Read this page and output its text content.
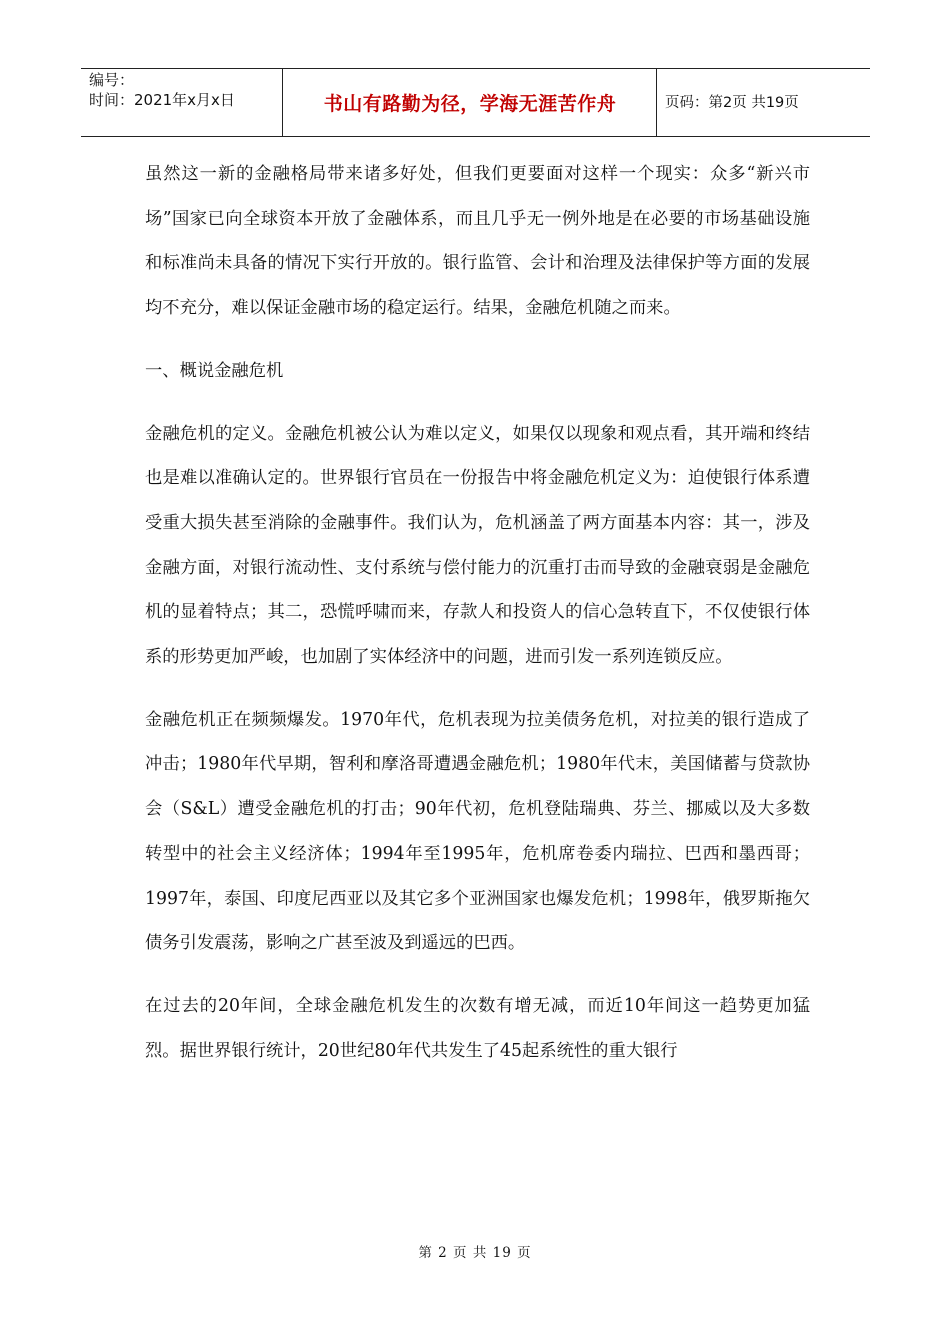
编号：
时间：2021年x月x日	书山有路勤为径，学海无涯苦作舟	页码：第2页 共19页

虽然这一新的金融格局带来诸多好处，但我们更要面对这样一个现实：众多“新兴市场”国家已向全球资本开放了金融体系，而且几乎无一例外地是在必要的市场基础设施和标准尚未具备的情况下实行开放的。银行监管、会计和治理及法律保护等方面的发展均不充分，难以保证金融市场的稳定运行。结果，金融危机随之而来。

一、概说金融危机

金融危机的定义。金融危机被公认为难以定义，如果仅以现象和观点看，其开端和终结也是难以准确认定的。世界银行官员在一份报告中将金融危机定义为：迫使银行体系遭受重大损失甚至消除的金融事件。我们认为，危机涵盖了两方面基本内容：其一，涉及金融方面，对银行流动性、支付系统与偿付能力的沉重打击而导致的金融衰弱是金融危机的显着特点；其二，恐慌呼啸而来，存款人和投资人的信心急转直下，不仅使银行体系的形势更加严峻，也加剧了实体经济中的问题，进而引发一系列连锁反应。

金融危机正在频频爆发。1970年代，危机表现为拉美债务危机，对拉美的银行造成了冲击；1980年代早期，智利和摩洛哥遭遇金融危机；1980年代末，美国储蓄与贷款协会（S&L）遭受金融危机的打击；90年代初，危机登陆瑞典、芬兰、挪威以及大多数转型中的社会主义经济体；1994年至1995年，危机席卷委内瑞拉、巴西和墨西哥；1997年，泰国、印度尼西亚以及其它多个亚洲国家也爆发危机；1998年，俄罗斯拖欠债务引发震荡，影响之广甚至波及到遥远的巴西。

在过去的20年间，全球金融危机发生的次数有增无减，而近10年间这一趋势更加猛烈。据世界银行统计，20世纪80年代共发生了45起系统性的重大银行

第 2 页 共 19 页
